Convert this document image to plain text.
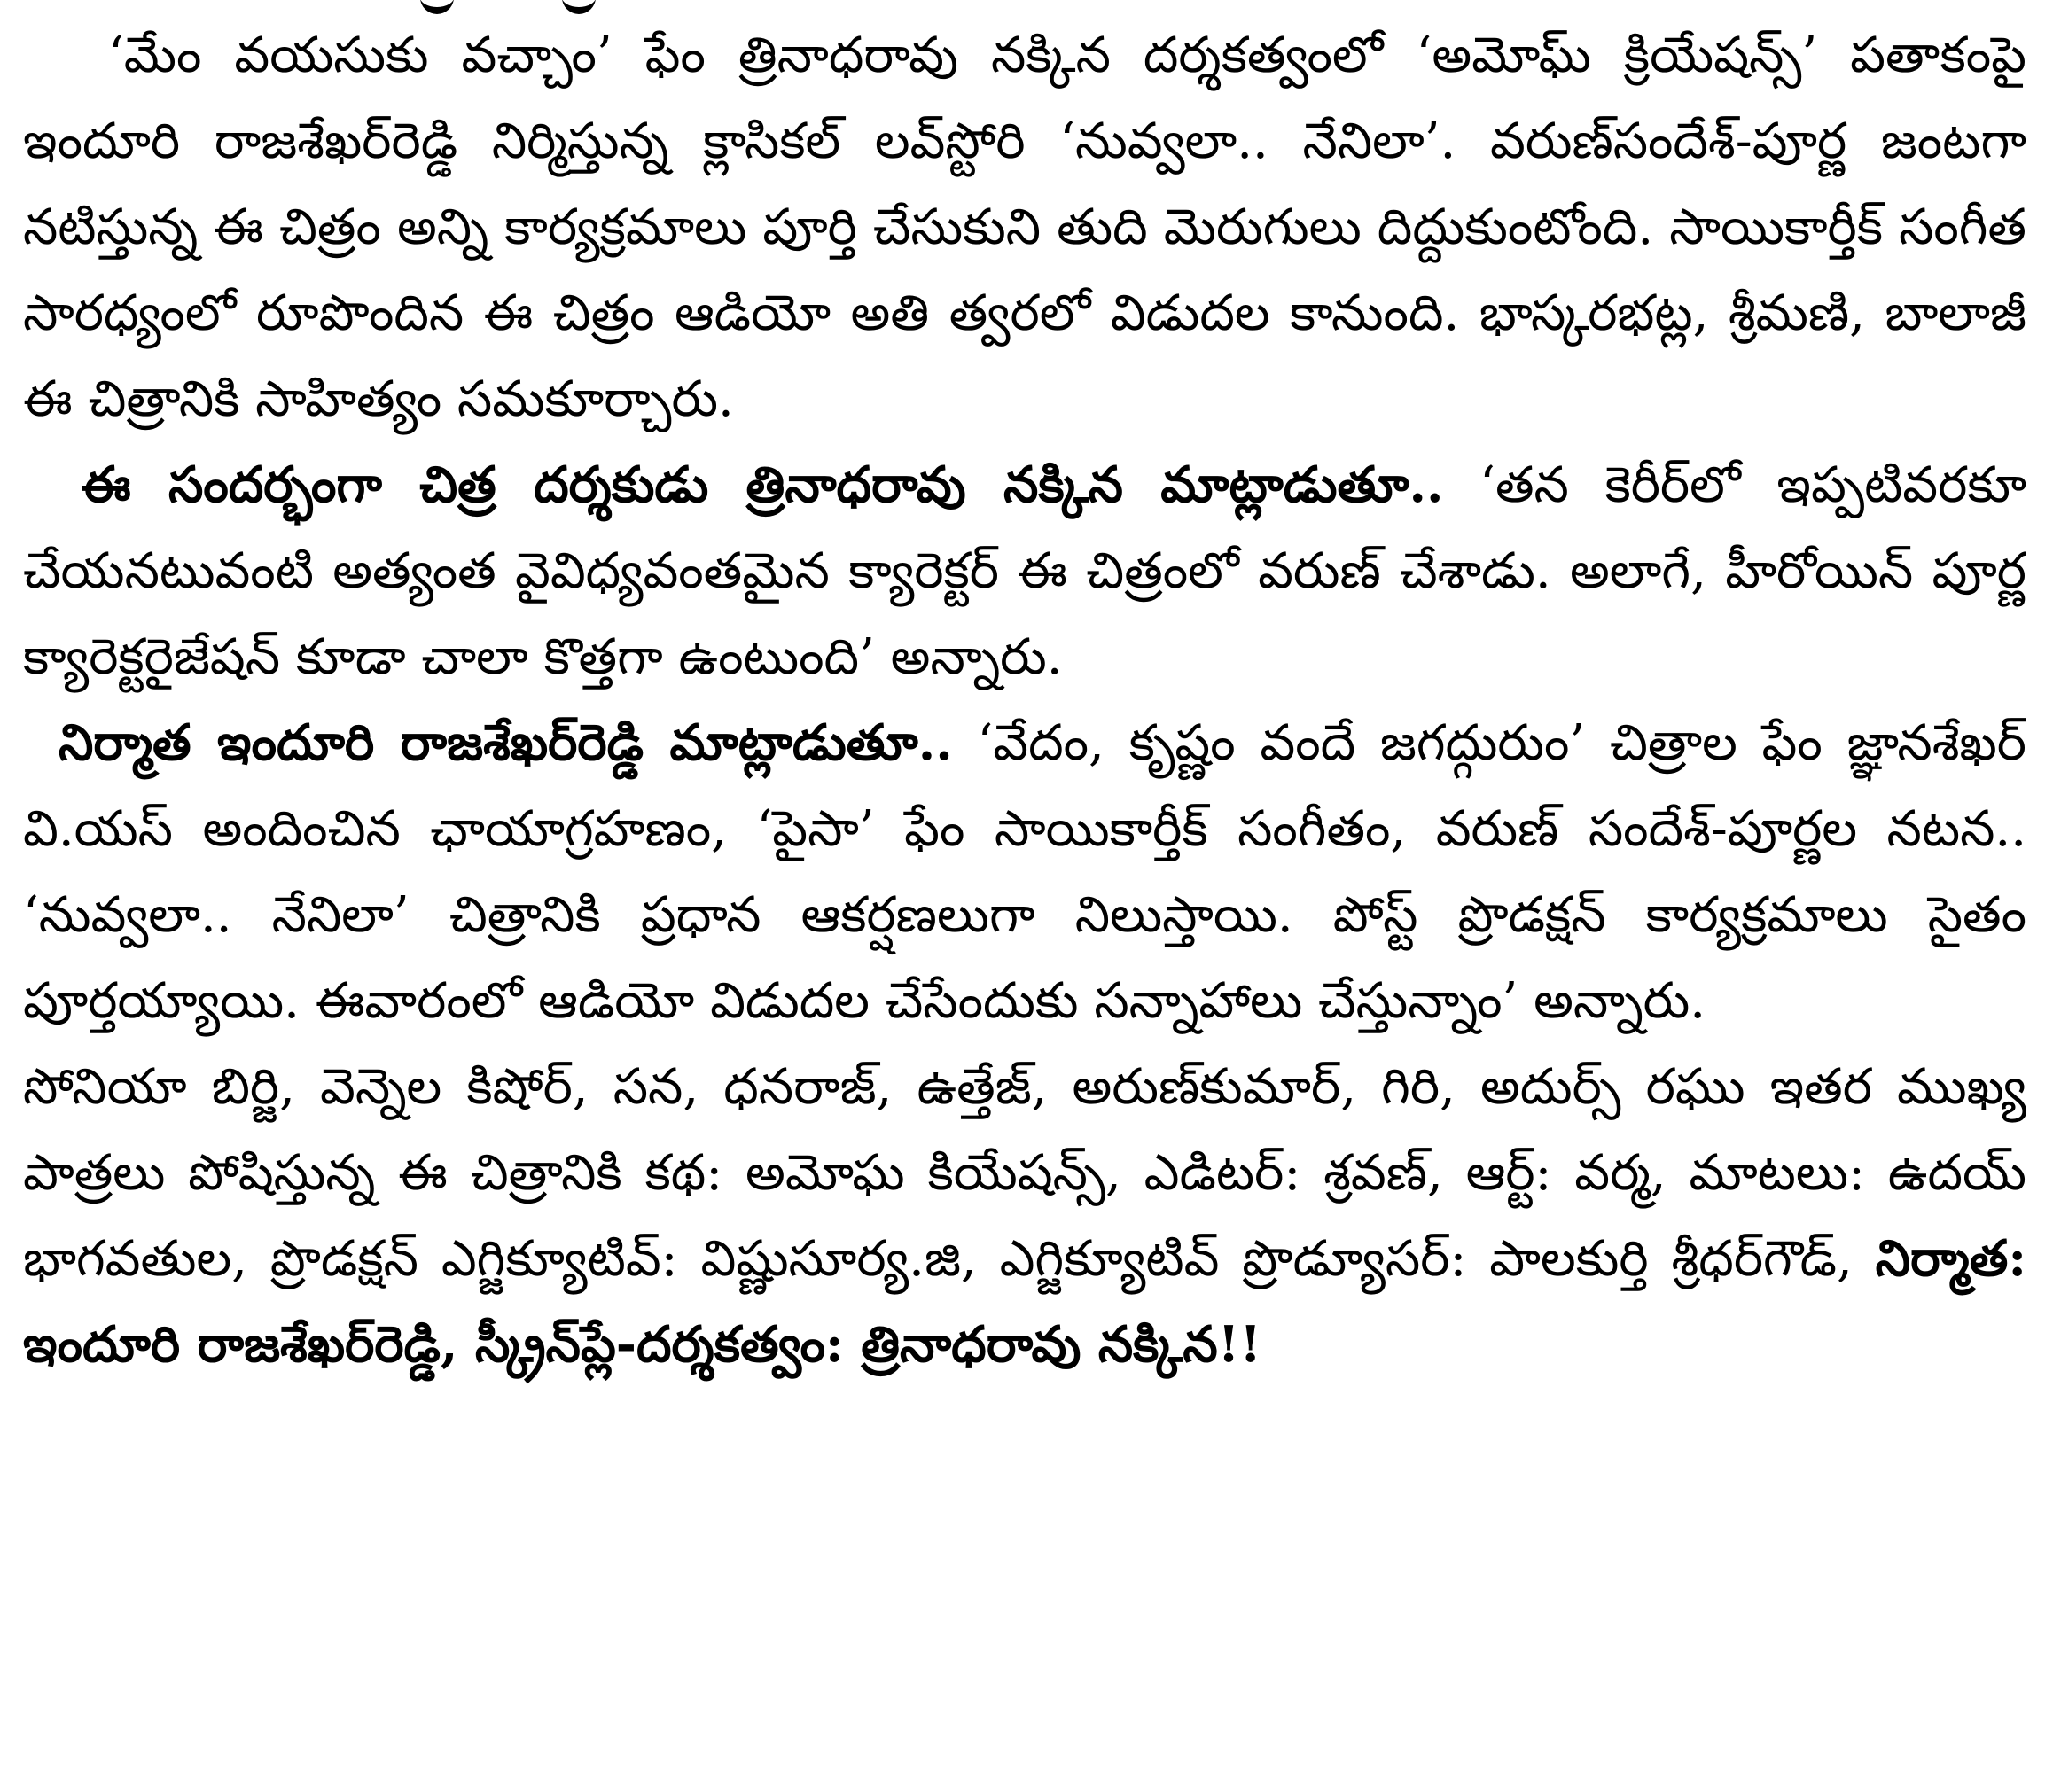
‘మేం వయసుకు వచ్చాం’ ఫేం త్రినాధరావు నక్కిన దర్శకత్వంలో ‘అమోఘ్ క్రియేషన్స్’ పతాకంపై ఇందూరి రాజశేఖర్‌రెడ్డి నిర్మిస్తున్న క్లాసికల్ లవ్‌స్టోరి ‘నువ్వలా.. నేనిలా’. వరుణ్‌సందేశ్-పూర్ణ జంటగా నటిస్తున్న ఈ చిత్రం అన్ని కార్యక్రమాలు పూర్తి చేసుకుని తుది మెరుగులు దిద్దుకుంటోంది. సాయికార్తీక్ సంగీత సారధ్యంలో రూపొందిన ఈ చిత్రం ఆడియో అతి త్వరలో విడుదల కానుంది. భాస్కరభట్ల, శ్రీమణి, బాలాజీ ఈ చిత్రానికి సాహిత్యం సమకూర్చారు.

ఈ సందర్భంగా చిత్ర దర్శకుడు త్రినాధరావు నక్కిన మాట్లాడుతూ.. ‘తన కెరీర్‌లో ఇప్పటివరకూ చేయనటువంటి అత్యంత వైవిధ్యవంతమైన క్యారెక్టర్ ఈ చిత్రంలో వరుణ్ చేశాడు. అలాగే, హీరోయిన్ పూర్ణ క్యారెక్టరైజేషన్ కూడా చాలా కొత్తగా ఉంటుంది’ అన్నారు.

నిర్మాత ఇందూరి రాజశేఖర్‌రెడ్డి మాట్లాడుతూ.. ‘వేదం, కృష్ణం వందే జగద్గురుం’ చిత్రాల ఫేం జ్ఞానశేఖర్ వి.యస్ అందించిన ఛాయాగ్రహణం, ‘పైసా’ ఫేం సాయికార్తీక్ సంగీతం, వరుణ్ సందేశ్-పూర్ణల నటన.. ‘నువ్వలా.. నేనిలా’ చిత్రానికి ప్రధాన ఆకర్షణలుగా నిలుస్తాయి. పోస్ట్ ప్రొడక్షన్ కార్యక్రమాలు సైతం పూర్తయ్యాయి. ఈవారంలో ఆడియో విడుదల చేసేందుకు సన్నాహాలు చేస్తున్నాం’ అన్నారు.

సోనియా బిర్జి, వెన్నెల కిషోర్, సన, ధనరాజ్, ఉత్తేజ్, అరుణ్‌కుమార్, గిరి, అదుర్స్ రఘు ఇతర ముఖ్య పాత్రలు పోషిస్తున్న ఈ చిత్రానికి కథ: అమోఘ కియేషన్స్, ఎడిటర్: శ్రవణ్, ఆర్ట్: వర్మ, మాటలు: ఉదయ్ భాగవతుల, ప్రొడక్షన్ ఎగ్జిక్యూటివ్: విష్ణుసూర్య.జి, ఎగ్జిక్యూటివ్ ప్రొడ్యూసర్: పాలకుర్తి శ్రీధర్‌గౌడ్, నిర్మాత: ఇందూరి రాజశేఖర్‌రెడ్డి, స్క్రీన్‌ప్లే-దర్శకత్వం: త్రినాధరావు నక్కిన!!
